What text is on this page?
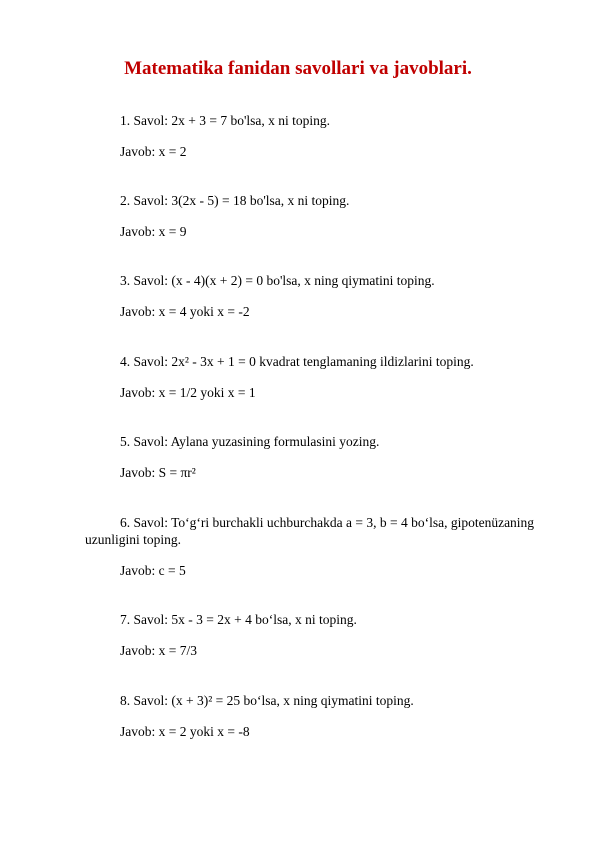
Matematika fanidan savollari va javoblari.

1. Savol: 2x + 3 = 7 bo'lsa, x ni toping.

Javob: x = 2

2. Savol: 3(2x - 5) = 18 bo'lsa, x ni toping.

Javob: x = 9

3. Savol: (x - 4)(x + 2) = 0 bo'lsa, x ning qiymatini toping.

Javob: x = 4 yoki x = -2

4. Savol: 2x² - 3x + 1 = 0 kvadrat tenglamaning ildizlarini toping.

Javob: x = 1/2 yoki x = 1

5. Savol: Aylana yuzasining formulasini yozing.

Javob: S = πr²

6. Savol: To‘g‘ri burchakli uchburchakda a = 3, b = 4 bo‘lsa, gipotenüzaning uzunligini toping.

Javob: c = 5

7. Savol: 5x - 3 = 2x + 4 bo‘lsa, x ni toping.

Javob: x = 7/3

8. Savol: (x + 3)² = 25 bo‘lsa, x ning qiymatini toping.

Javob: x = 2 yoki x = -8
